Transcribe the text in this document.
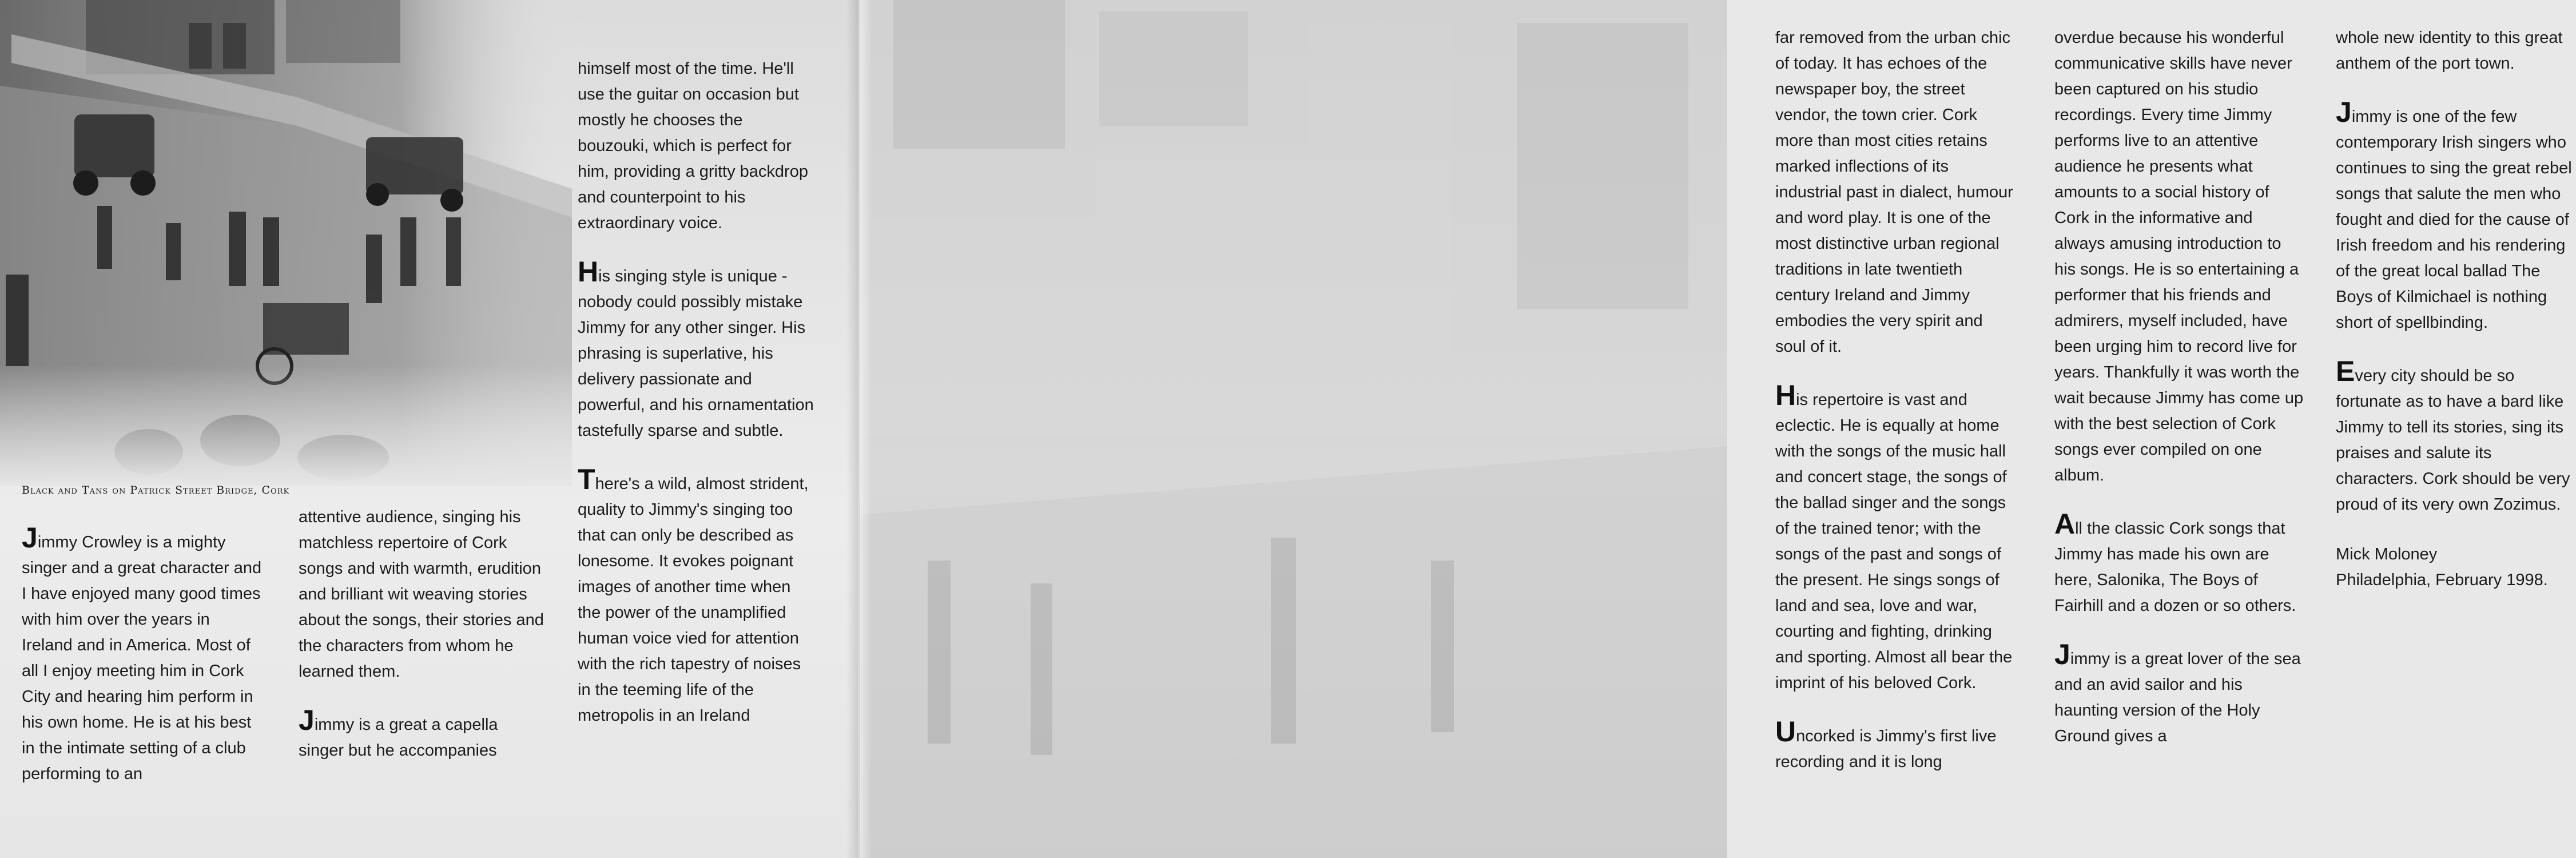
Black and Tans on Patrick Street Bridge, Cork

Jimmy Crowley is a mighty singer and a great character and I have enjoyed many good times with him over the years in Ireland and in America. Most of all I enjoy meeting him in Cork City and hearing him perform in his own home. He is at his best in the intimate setting of a club performing to an

attentive audience, singing his matchless repertoire of Cork songs and with warmth, erudition and brilliant wit weaving stories about the songs, their stories and the characters from whom he learned them.

Jimmy is a great a capella singer but he accompanies

himself most of the time. He'll use the guitar on occasion but mostly he chooses the bouzouki, which is perfect for him, providing a gritty backdrop and counterpoint to his extraordinary voice.

His singing style is unique - nobody could possibly mistake Jimmy for any other singer. His phrasing is superlative, his delivery passionate and powerful, and his ornamentation tastefully sparse and subtle.

There's a wild, almost strident, quality to Jimmy's singing too that can only be described as lonesome. It evokes poignant images of another time when the power of the unamplified human voice vied for attention with the rich tapestry of noises in the teeming life of the metropolis in an Ireland

far removed from the urban chic of today. It has echoes of the newspaper boy, the street vendor, the town crier. Cork more than most cities retains marked inflections of its industrial past in dialect, humour and word play. It is one of the most distinctive urban regional traditions in late twentieth century Ireland and Jimmy embodies the very spirit and soul of it.

His repertoire is vast and eclectic. He is equally at home with the songs of the music hall and concert stage, the songs of the ballad singer and the songs of the trained tenor; with the songs of the past and songs of the present. He sings songs of land and sea, love and war, courting and fighting, drinking and sporting. Almost all bear the imprint of his beloved Cork.

Uncorked is Jimmy's first live recording and it is long

overdue because his wonderful communicative skills have never been captured on his studio recordings. Every time Jimmy performs live to an attentive audience he presents what amounts to a social history of Cork in the informative and always amusing introduction to his songs. He is so entertaining a performer that his friends and admirers, myself included, have been urging him to record live for years. Thankfully it was worth the wait because Jimmy has come up with the best selection of Cork songs ever compiled on one album.

All the classic Cork songs that Jimmy has made his own are here, Salonika, The Boys of Fairhill and a dozen or so others.

Jimmy is a great lover of the sea and an avid sailor and his haunting version of the Holy Ground gives a

whole new identity to this great anthem of the port town.

Jimmy is one of the few contemporary Irish singers who continues to sing the great rebel songs that salute the men who fought and died for the cause of Irish freedom and his rendering of the great local ballad The Boys of Kilmichael is nothing short of spellbinding.

Every city should be so fortunate as to have a bard like Jimmy to tell its stories, sing its praises and salute its characters. Cork should be very proud of its very own Zozimus.

Mick Moloney
Philadelphia, February 1998.
